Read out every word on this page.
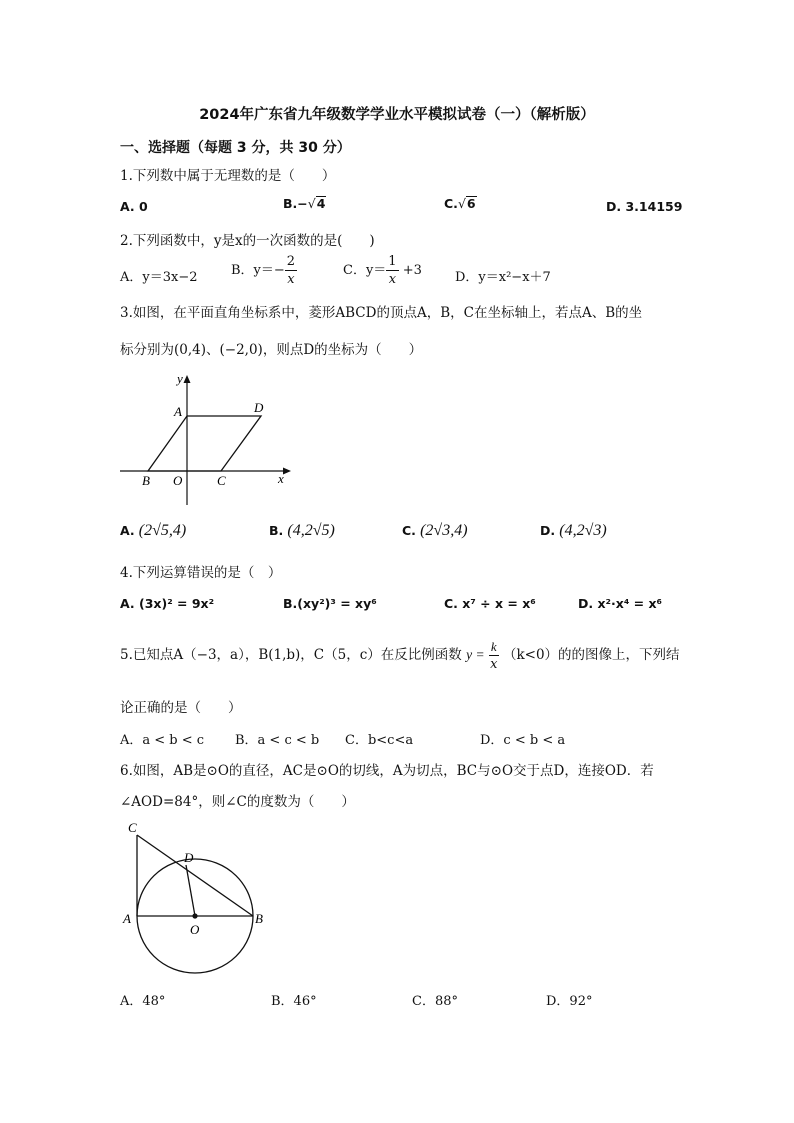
2024年广东省九年级数学学业水平模拟试卷（一）（解析版）
一、选择题（每题 3 分，共 30 分）
1.下列数中属于无理数的是（　　）
A. 0	B.−√4	C.√6	D. 3.14159
2.下列函数中，y是x的一次函数的是(　　)
A．y＝3x−2	B．$y=- \frac{2}{x}$	C．$y= \frac{1}{x} +3$	D．y＝x²−x＋7
3.如图，在平面直角坐标系中，菱形ABCD的顶点A，B，C在坐标轴上，若点A、B的坐
标分别为(0,4)、(−2,0)，则点D的坐标为（　　）
y
A	D
B O	C	x
A. (2√5,4)	B. (4,2√5)	C. (2√3,4)	D. (4,2√3)
4.下列运算错误的是（　）
A. (3x)² = 9x²	B.(xy²)³ = xy⁶	C. x⁷ ÷ x = x⁶	D. x²·x⁴ = x⁶
5.已知点A（−3，a），B(1,b)，C（5，c）在反比例函数 $y = \frac{k}{x} (k<0)$的的图像上，下列结
论正确的是（　　）
A．a < b < c B．a < c < b C．b<c<a	D．c < b < a
6.如图，AB是⊙O的直径，AC是⊙O的切线，A为切点，BC与⊙O交于点D，连接OD．若
∠AOD=84°，则∠C的度数为（　　）
C
D
A
O
B
A．48°	B．46°	C．88°	D．92°
